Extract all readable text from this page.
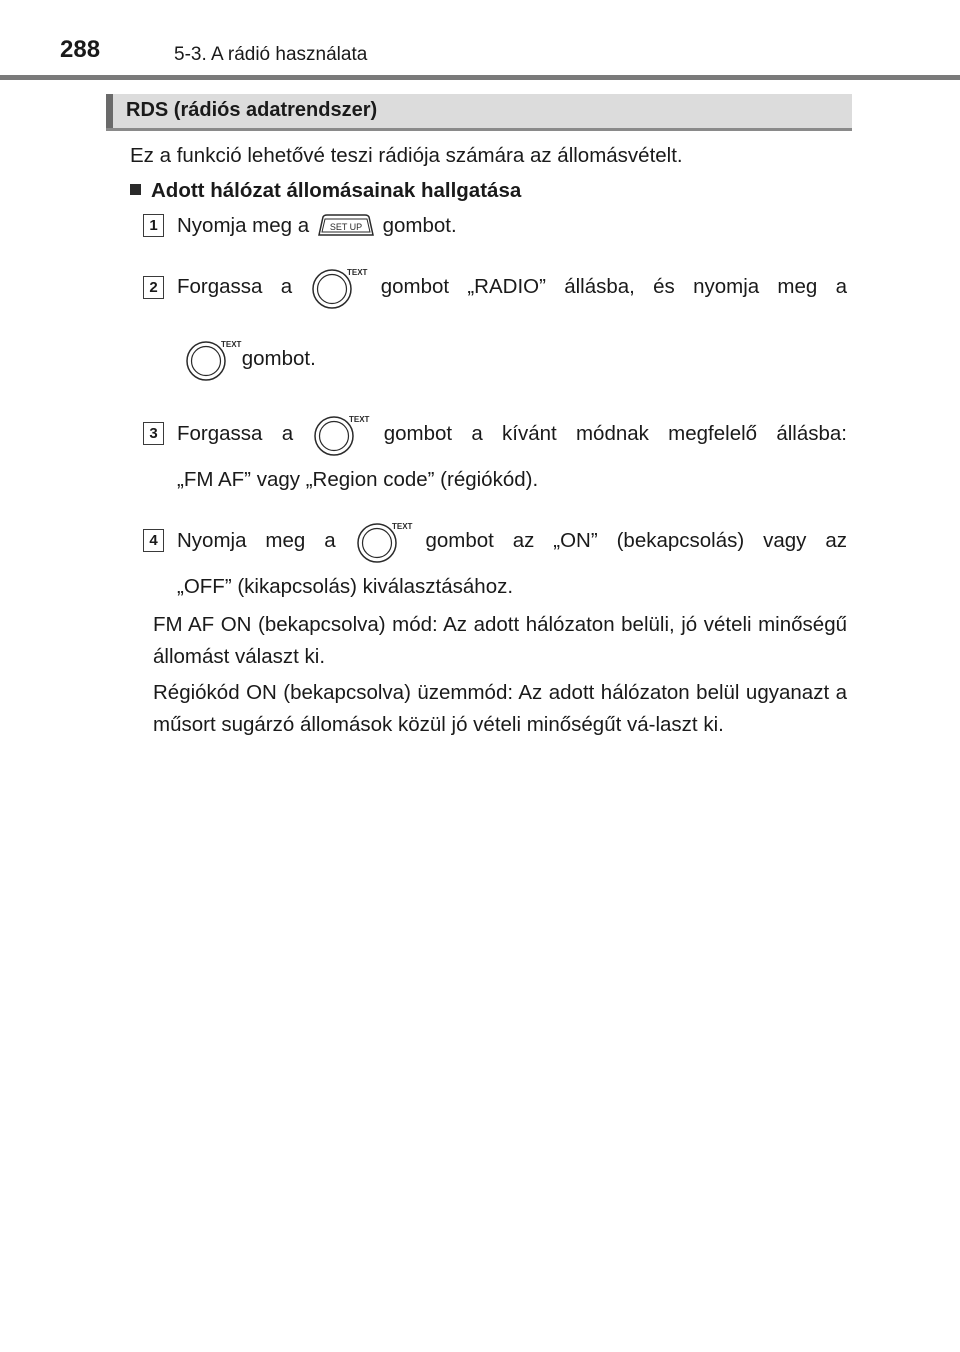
288	5-3. A rádió használata
RDS (rádiós adatrendszer)
Ez a funkció lehetővé teszi rádiója számára az állomásvételt.
Adott hálózat állomásainak hallgatása
1 Nyomja meg a SET UP gombot.
2 Forgassa a
TEXT
gombot „RADIO” állásba, és nyomja meg a
TEXT
gombot.
3 Forgassa a
TEXT
gombot a kívánt módnak megfelelő állásba:
„FM AF” vagy „Region code” (régiókód).
4 Nyomja meg a
TEXT
gombot az „ON” (bekapcsolás) vagy az
„OFF” (kikapcsolás) kiválasztásához.
FM AF ON (bekapcsolva) mód: Az adott hálózaton belüli, jó vételi minőségű állomást választ ki.
Régiókód ON (bekapcsolva) üzemmód: Az adott hálózaton belül ugyanazt a műsort sugárzó állomások közül jó vételi minőségűt vá-laszt ki.
